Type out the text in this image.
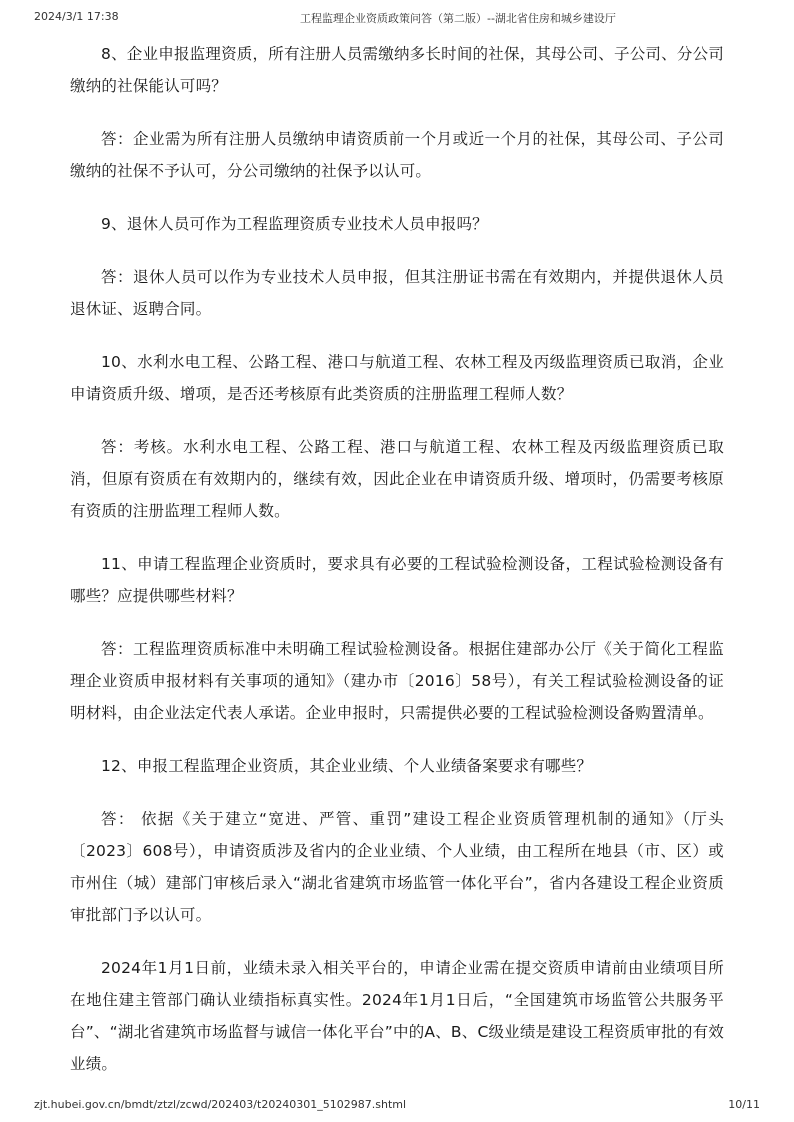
2024/3/1 17:38	工程监理企业资质政策问答（第二版）--湖北省住房和城乡建设厅

8、企业申报监理资质，所有注册人员需缴纳多长时间的社保，其母公司、子公司、分公司缴纳的社保能认可吗？

答：企业需为所有注册人员缴纳申请资质前一个月或近一个月的社保，其母公司、子公司缴纳的社保不予认可，分公司缴纳的社保予以认可。

9、退休人员可作为工程监理资质专业技术人员申报吗？

答：退休人员可以作为专业技术人员申报，但其注册证书需在有效期内，并提供退休人员退休证、返聘合同。

10、水利水电工程、公路工程、港口与航道工程、农林工程及丙级监理资质已取消，企业申请资质升级、增项，是否还考核原有此类资质的注册监理工程师人数？

答：考核。水利水电工程、公路工程、港口与航道工程、农林工程及丙级监理资质已取消，但原有资质在有效期内的，继续有效，因此企业在申请资质升级、增项时，仍需要考核原有资质的注册监理工程师人数。

11、申请工程监理企业资质时，要求具有必要的工程试验检测设备，工程试验检测设备有哪些？应提供哪些材料？

答：工程监理资质标准中未明确工程试验检测设备。根据住建部办公厅《关于简化工程监理企业资质申报材料有关事项的通知》（建办市〔2016〕58号），有关工程试验检测设备的证明材料，由企业法定代表人承诺。企业申报时，只需提供必要的工程试验检测设备购置清单。

12、申报工程监理企业资质，其企业业绩、个人业绩备案要求有哪些？

答： 依据《关于建立“宽进、严管、重罚”建设工程企业资质管理机制的通知》（厅头〔2023〕608号），申请资质涉及省内的企业业绩、个人业绩，由工程所在地县（市、区）或市州住（城）建部门审核后录入“湖北省建筑市场监管一体化平台”，省内各建设工程企业资质审批部门予以认可。

2024年1月1日前，业绩未录入相关平台的，申请企业需在提交资质申请前由业绩项目所在地住建主管部门确认业绩指标真实性。2024年1月1日后，“全国建筑市场监管公共服务平台”、“湖北省建筑市场监督与诚信一体化平台”中的A、B、C级业绩是建设工程资质审批的有效业绩。

zjt.hubei.gov.cn/bmdt/ztzl/zcwd/202403/t20240301_5102987.shtml	10/11
